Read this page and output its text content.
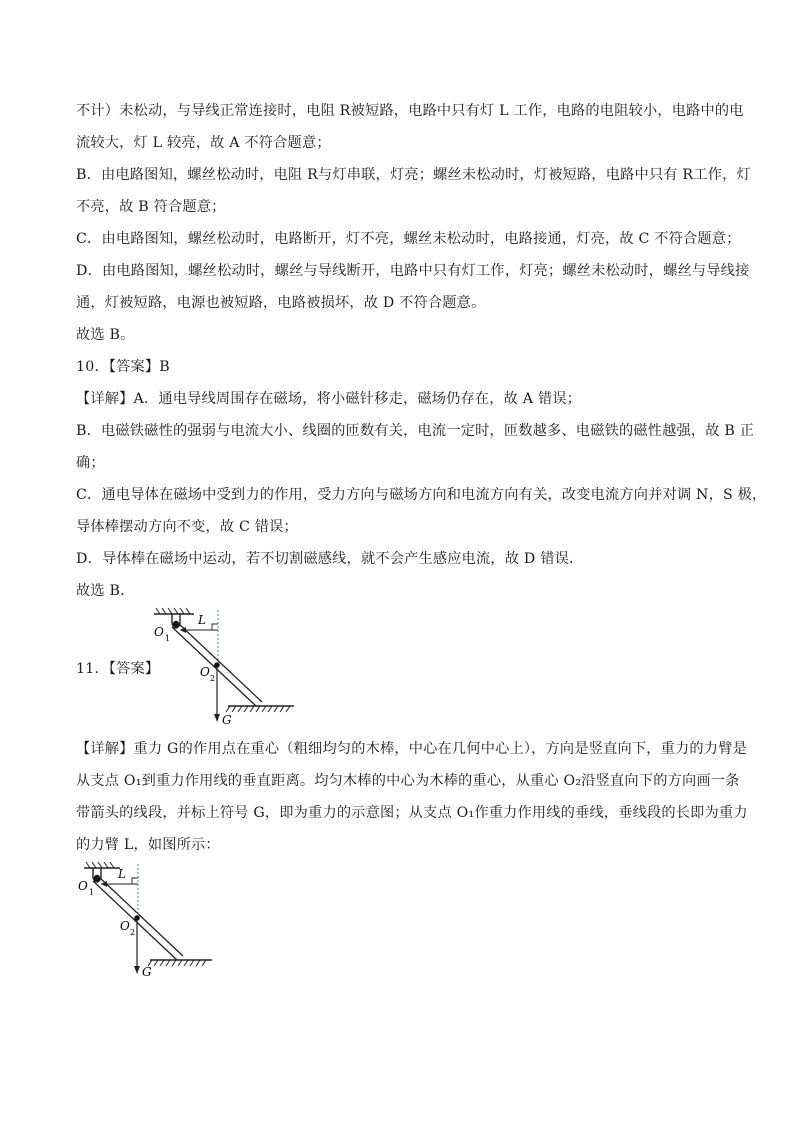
不计）未松动，与导线正常连接时，电阻 R被短路，电路中只有灯 L 工作，电路的电阻较小，电路中的电
流较大，灯 L 较亮，故 A 不符合题意；
B．由电路图知，螺丝松动时，电阻 R与灯串联，灯亮；螺丝未松动时，灯被短路，电路中只有 R工作，灯
不亮，故 B 符合题意；
C．由电路图知，螺丝松动时，电路断开，灯不亮，螺丝未松动时，电路接通，灯亮，故 C 不符合题意；
D．由电路图知，螺丝松动时，螺丝与导线断开，电路中只有灯工作，灯亮；螺丝未松动时，螺丝与导线接
通，灯被短路，电源也被短路，电路被损坏，故 D 不符合题意。
故选 B。
10．【答案】B
【详解】A．通电导线周围存在磁场，将小磁针移走，磁场仍存在，故 A 错误；
B．电磁铁磁性的强弱与电流大小、线圈的匝数有关，电流一定时，匝数越多、电磁铁的磁性越强，故 B 正
确；
C．通电导体在磁场中受到力的作用，受力方向与磁场方向和电流方向有关，改变电流方向并对调 N，S 极，
导体棒摆动方向不变，故 C 错误；
D．导体棒在磁场中运动，若不切割磁感线，就不会产生感应电流，故 D 错误．
故选 B．
11．【答案】
【详解】重力 G的作用点在重心（粗细均匀的木棒，中心在几何中心上），方向是竖直向下，重力的力臂是
从支点 O₁到重力作用线的垂直距离。均匀木棒的中心为木棒的重心，从重心 O₂沿竖直向下的方向画一条
带箭头的线段，并标上符号 G，即为重力的示意图；从支点 O₁作重力作用线的垂线，垂线段的长即为重力
的力臂 L，如图所示：
L
O 1
O 2
G
L
O 1
O 2
G
